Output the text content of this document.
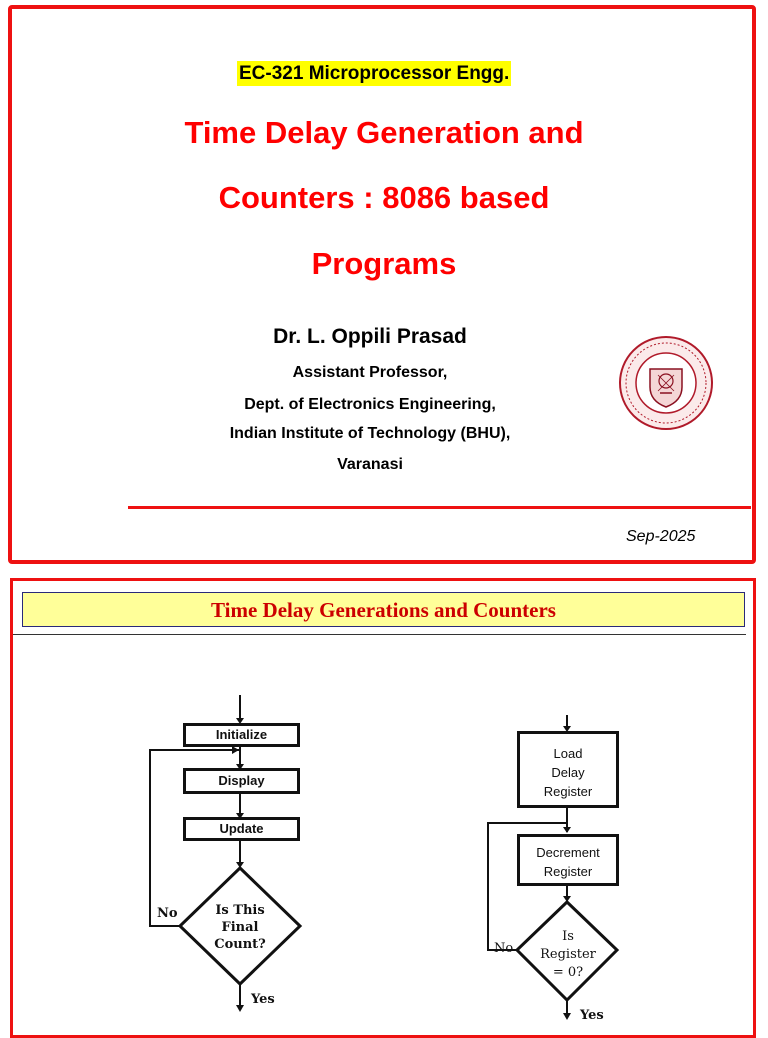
EC-321 Microprocessor Engg.
Time Delay Generation and
Counters : 8086 based
Programs
Dr. L. Oppili Prasad
Assistant Professor,
Dept. of Electronics Engineering,
Indian Institute of Technology (BHU),
Varanasi
Sep-2025
Time Delay Generations and Counters
Initialize
Display
Update
Is This
Final
Count?
No
Yes
Load
Delay
Register
Decrement
Register
Is
Register
= 0?
No
Yes
